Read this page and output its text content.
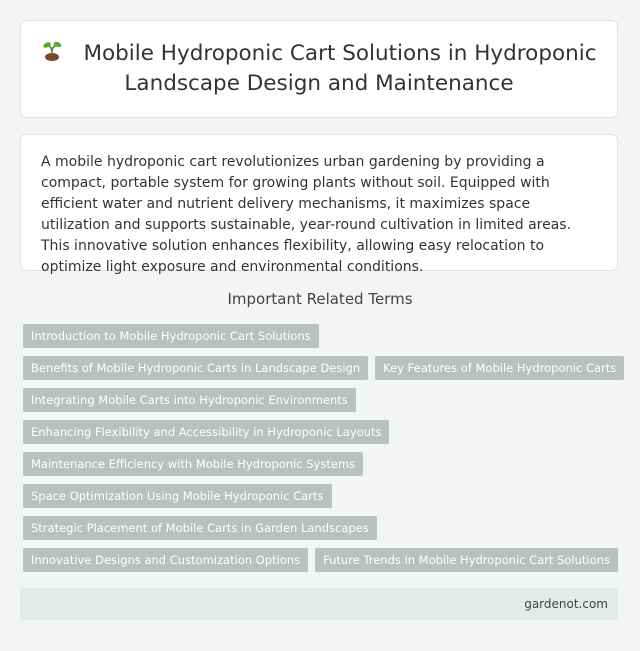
Mobile Hydroponic Cart Solutions in Hydroponic Landscape Design and Maintenance

A mobile hydroponic cart revolutionizes urban gardening by providing a compact, portable system for growing plants without soil. Equipped with efficient water and nutrient delivery mechanisms, it maximizes space utilization and supports sustainable, year-round cultivation in limited areas. This innovative solution enhances flexibility, allowing easy relocation to optimize light exposure and environmental conditions.

Important Related Terms
Introduction to Mobile Hydroponic Cart Solutions
Benefits of Mobile Hydroponic Carts in Landscape Design	Key Features of Mobile Hydroponic Carts
Integrating Mobile Carts into Hydroponic Environments
Enhancing Flexibility and Accessibility in Hydroponic Layouts
Maintenance Efficiency with Mobile Hydroponic Systems
Space Optimization Using Mobile Hydroponic Carts
Strategic Placement of Mobile Carts in Garden Landscapes
Innovative Designs and Customization Options	Future Trends in Mobile Hydroponic Cart Solutions
gardenot.com
